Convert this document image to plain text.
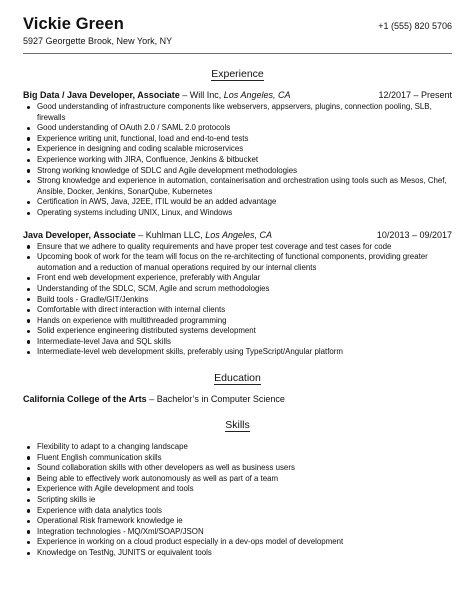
Vickie Green	+1 (555) 820 5706
5927 Georgette Brook, New York, NY
Experience
Big Data / Java Developer, Associate – Will Inc, Los Angeles, CA	12/2017 – Present
Good understanding of infrastructure components like webservers, appservers, plugins, connection pooling, SLB, firewalls
Good understanding of OAuth 2.0 / SAML 2.0 protocols
Experience writing unit, functional, load and end-to-end tests
Experience in designing and coding scalable microservices
Experience working with JIRA, Confluence, Jenkins & bitbucket
Strong working knowledge of SDLC and Agile development methodologies
Strong knowledge and experience in automation, containerisation and orchestration using tools such as Mesos, Chef, Ansible, Docker, Jenkins, SonarQube, Kubernetes
Certification in AWS, Java, J2EE, ITIL would be an added advantage
Operating systems including UNIX, Linux, and Windows
Java Developer, Associate – Kuhlman LLC, Los Angeles, CA	10/2013 – 09/2017
Ensure that we adhere to quality requirements and have proper test coverage and test cases for code
Upcoming book of work for the team will focus on the re-architecting of functional components, providing greater automation and a reduction of manual operations required by our internal clients
Front end web development experience, preferably with Angular
Understanding of the SDLC, SCM, Agile and scrum methodologies
Build tools - Gradle/GIT/Jenkins
Comfortable with direct interaction with internal clients
Hands on experience with multithreaded programming
Solid experience engineering distributed systems development
Intermediate-level Java and SQL skills
Intermediate-level web development skills, preferably using TypeScript/Angular platform
Education
California College of the Arts – Bachelor’s in Computer Science
Skills
Flexibility to adapt to a changing landscape
Fluent English communication skills
Sound collaboration skills with other developers as well as business users
Being able to effectively work autonomously as well as part of a team
Experience with Agile development and tools
Scripting skills ie
Experience with data analytics tools
Operational Risk framework knowledge ie
Integration technologies - MQ/Xml/SOAP/JSON
Experience in working on a cloud product especially in a dev-ops model of development
Knowledge on TestNg, JUNITS or equivalent tools
